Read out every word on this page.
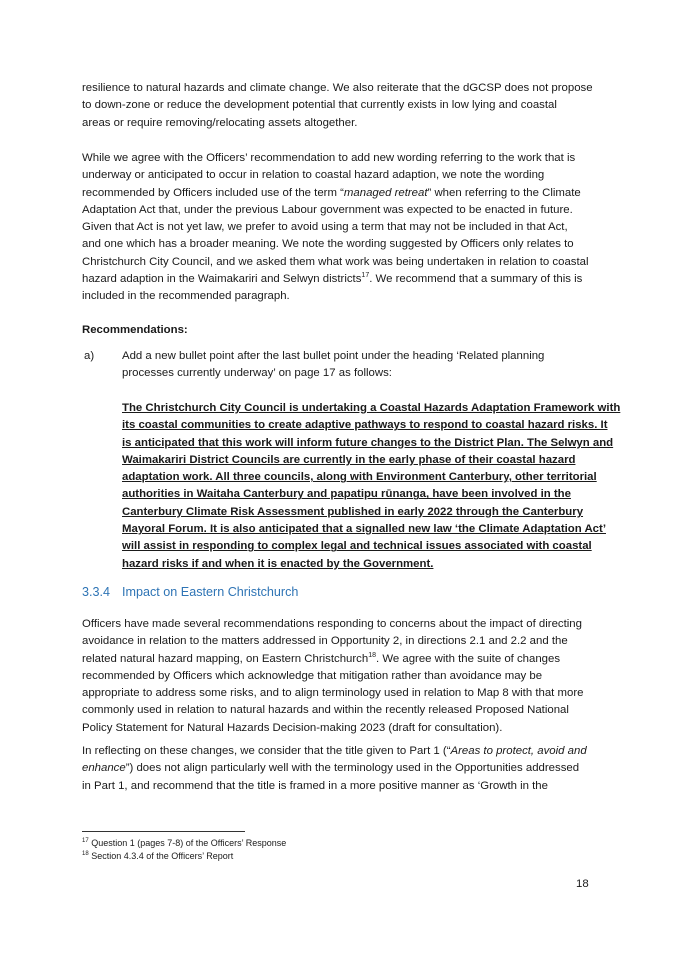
resilience to natural hazards and climate change. We also reiterate that the dGCSP does not propose
to down-zone or reduce the development potential that currently exists in low lying and coastal
areas or require removing/relocating assets altogether.
While we agree with the Officers’ recommendation to add new wording referring to the work that is
underway or anticipated to occur in relation to coastal hazard adaption, we note the wording
recommended by Officers included use of the term “managed retreat” when referring to the Climate
Adaptation Act that, under the previous Labour government was expected to be enacted in future.
Given that Act is not yet law, we prefer to avoid using a term that may not be included in that Act,
and one which has a broader meaning. We note the wording suggested by Officers only relates to
Christchurch City Council, and we asked them what work was being undertaken in relation to coastal
hazard adaption in the Waimakariri and Selwyn districts$^{17}$. We recommend that a summary of this is
included in the recommended paragraph.

Recommendations:

a) Add a new bullet point after the last bullet point under the heading ‘Related planning
processes currently underway’ on page 17 as follows:
The Christchurch City Council is undertaking a Coastal Hazards Adaptation Framework with
its coastal communities to create adaptive pathways to respond to coastal hazard risks. It
is anticipated that this work will inform future changes to the District Plan. The Selwyn and
Waimakariri District Councils are currently in the early phase of their coastal hazard
adaptation work. All three councils, along with Environment Canterbury, other territorial
authorities in Waitaha Canterbury and papatipu rūnanga, have been involved in the
Canterbury Climate Risk Assessment published in early 2022 through the Canterbury
Mayoral Forum. It is also anticipated that a signalled new law ‘the Climate Adaptation Act’
will assist in responding to complex legal and technical issues associated with coastal
hazard risks if and when it is enacted by the Government.
3.3.4 Impact on Eastern Christchurch
Officers have made several recommendations responding to concerns about the impact of directing
avoidance in relation to the matters addressed in Opportunity 2, in directions 2.1 and 2.2 and the
related natural hazard mapping, on Eastern Christchurch$^{18}$. We agree with the suite of changes
recommended by Officers which acknowledge that mitigation rather than avoidance may be
appropriate to address some risks, and to align terminology used in relation to Map 8 with that more
commonly used in relation to natural hazards and within the recently released Proposed National
Policy Statement for Natural Hazards Decision-making 2023 (draft for consultation).
In reflecting on these changes, we consider that the title given to Part 1 (“Areas to protect, avoid and
enhance”) does not align particularly well with the terminology used in the Opportunities addressed
in Part 1, and recommend that the title is framed in a more positive manner as ‘Growth in the
$^{17}$ Question 1 (pages 7-8) of the Officers’ Response
$^{18}$ Section 4.3.4 of the Officers’ Report
18
